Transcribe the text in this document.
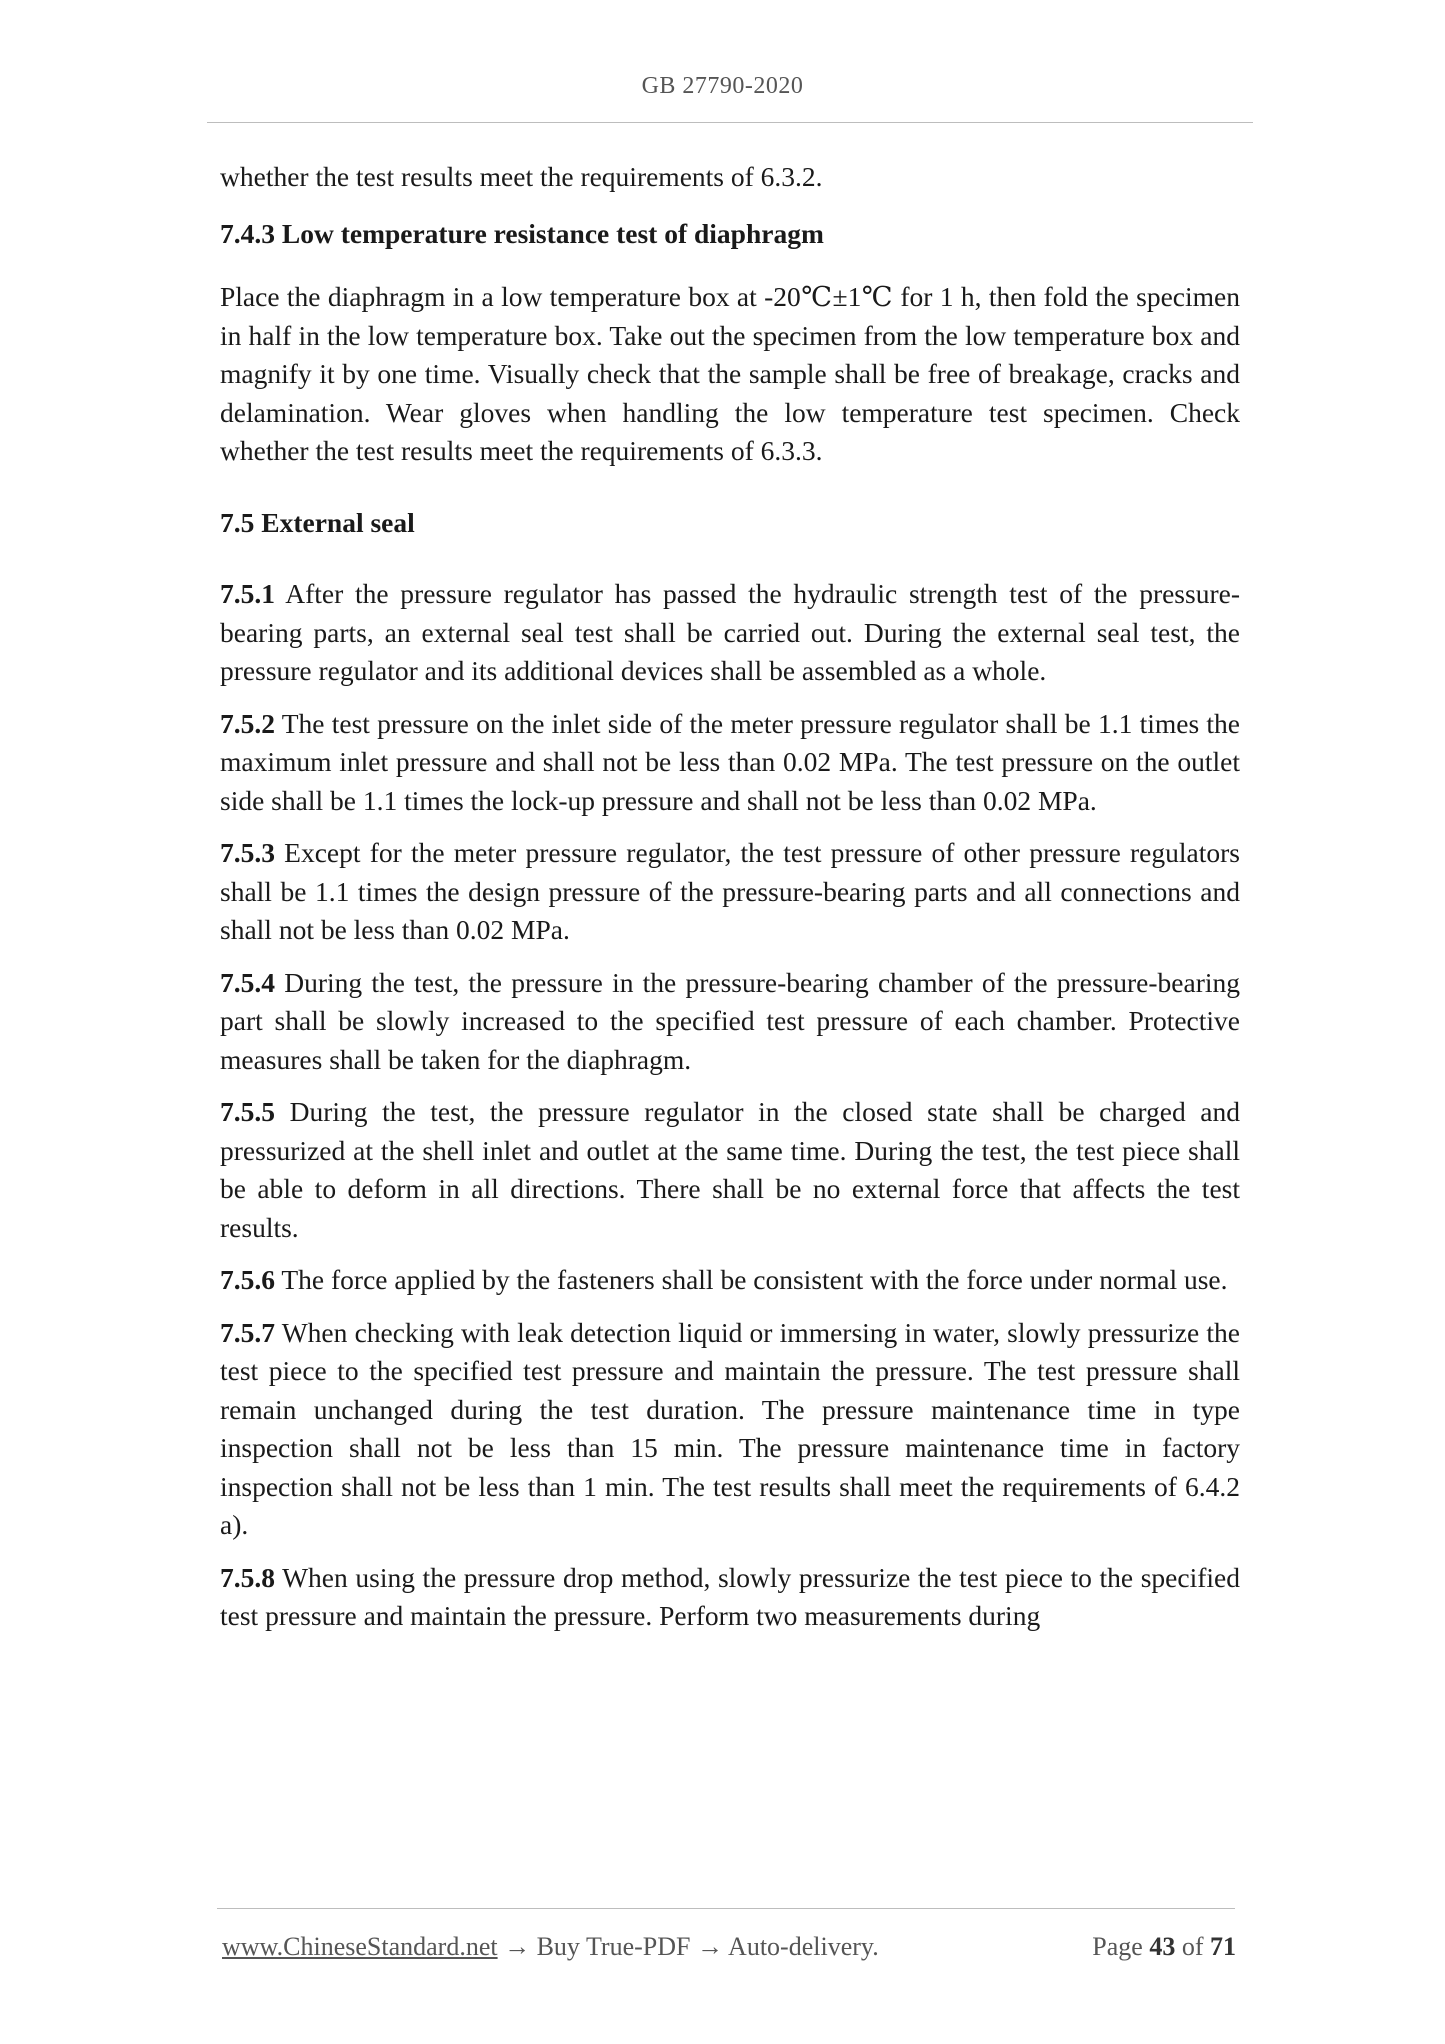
GB 27790-2020

whether the test results meet the requirements of 6.3.2.

7.4.3 Low temperature resistance test of diaphragm

Place the diaphragm in a low temperature box at -20℃±1℃ for 1 h, then fold the specimen in half in the low temperature box. Take out the specimen from the low temperature box and magnify it by one time. Visually check that the sample shall be free of breakage, cracks and delamination. Wear gloves when handling the low temperature test specimen. Check whether the test results meet the requirements of 6.3.3.

7.5 External seal

7.5.1 After the pressure regulator has passed the hydraulic strength test of the pressure-bearing parts, an external seal test shall be carried out. During the external seal test, the pressure regulator and its additional devices shall be assembled as a whole.

7.5.2 The test pressure on the inlet side of the meter pressure regulator shall be 1.1 times the maximum inlet pressure and shall not be less than 0.02 MPa. The test pressure on the outlet side shall be 1.1 times the lock-up pressure and shall not be less than 0.02 MPa.

7.5.3 Except for the meter pressure regulator, the test pressure of other pressure regulators shall be 1.1 times the design pressure of the pressure-bearing parts and all connections and shall not be less than 0.02 MPa.

7.5.4 During the test, the pressure in the pressure-bearing chamber of the pressure-bearing part shall be slowly increased to the specified test pressure of each chamber. Protective measures shall be taken for the diaphragm.

7.5.5 During the test, the pressure regulator in the closed state shall be charged and pressurized at the shell inlet and outlet at the same time. During the test, the test piece shall be able to deform in all directions. There shall be no external force that affects the test results.

7.5.6 The force applied by the fasteners shall be consistent with the force under normal use.

7.5.7 When checking with leak detection liquid or immersing in water, slowly pressurize the test piece to the specified test pressure and maintain the pressure. The test pressure shall remain unchanged during the test duration. The pressure maintenance time in type inspection shall not be less than 15 min. The pressure maintenance time in factory inspection shall not be less than 1 min. The test results shall meet the requirements of 6.4.2 a).

7.5.8 When using the pressure drop method, slowly pressurize the test piece to the specified test pressure and maintain the pressure. Perform two measurements during

www.ChineseStandard.net → Buy True-PDF → Auto-delivery.	Page 43 of 71
